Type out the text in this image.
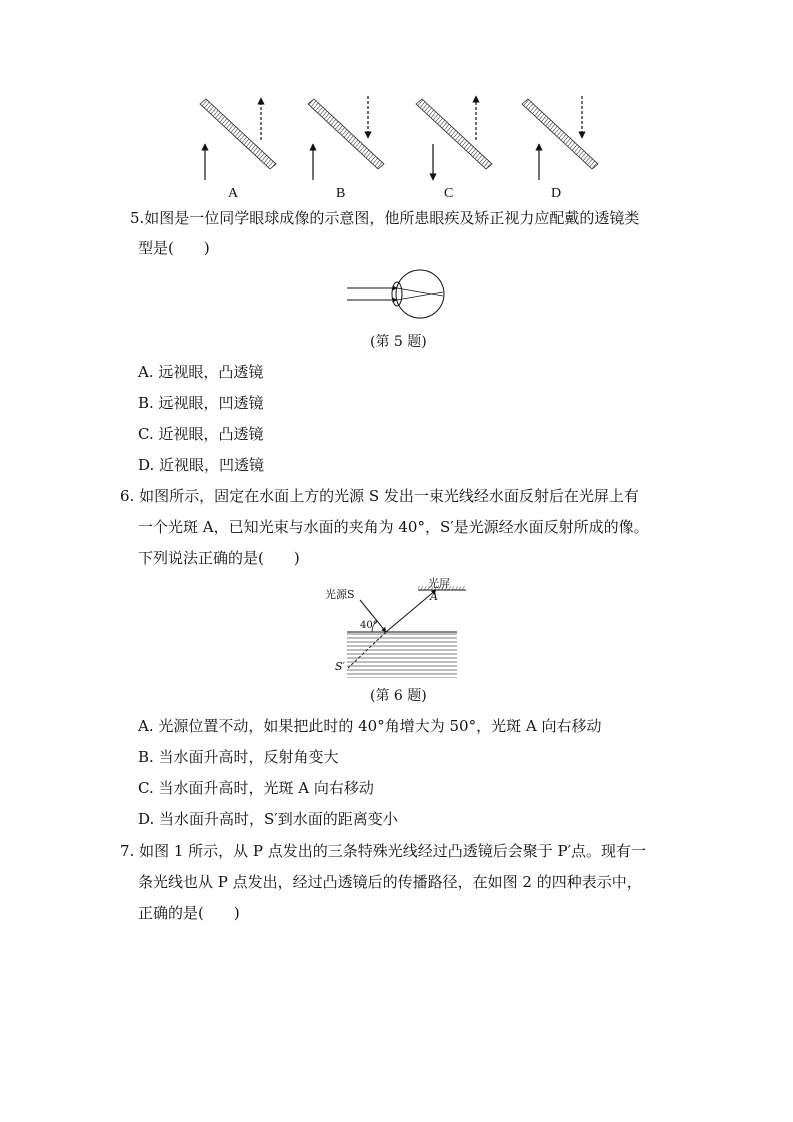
A	B	C	D
5.如图是一位同学眼球成像的示意图，他所患眼疾及矫正视力应配戴的透镜类
型是(　　)
(第 5 题)
A. 远视眼，凸透镜
B. 远视眼，凹透镜
C. 近视眼，凸透镜
D. 近视眼，凹透镜
6. 如图所示，固定在水面上方的光源 S 发出一束光线经水面反射后在光屏上有
一个光斑 A，已知光束与水面的夹角为 40°，S′是光源经水面反射所成的像。
下列说法正确的是(　　)
光源S
光屏
A
40°
S′
(第 6 题)
A. 光源位置不动，如果把此时的 40°角增大为 50°，光斑 A 向右移动
B. 当水面升高时，反射角变大
C. 当水面升高时，光斑 A 向右移动
D. 当水面升高时，S′到水面的距离变小
7. 如图 1 所示，从 P 点发出的三条特殊光线经过凸透镜后会聚于 P′点。现有一
条光线也从 P 点发出，经过凸透镜后的传播路径，在如图 2 的四种表示中，
正确的是(　　)
